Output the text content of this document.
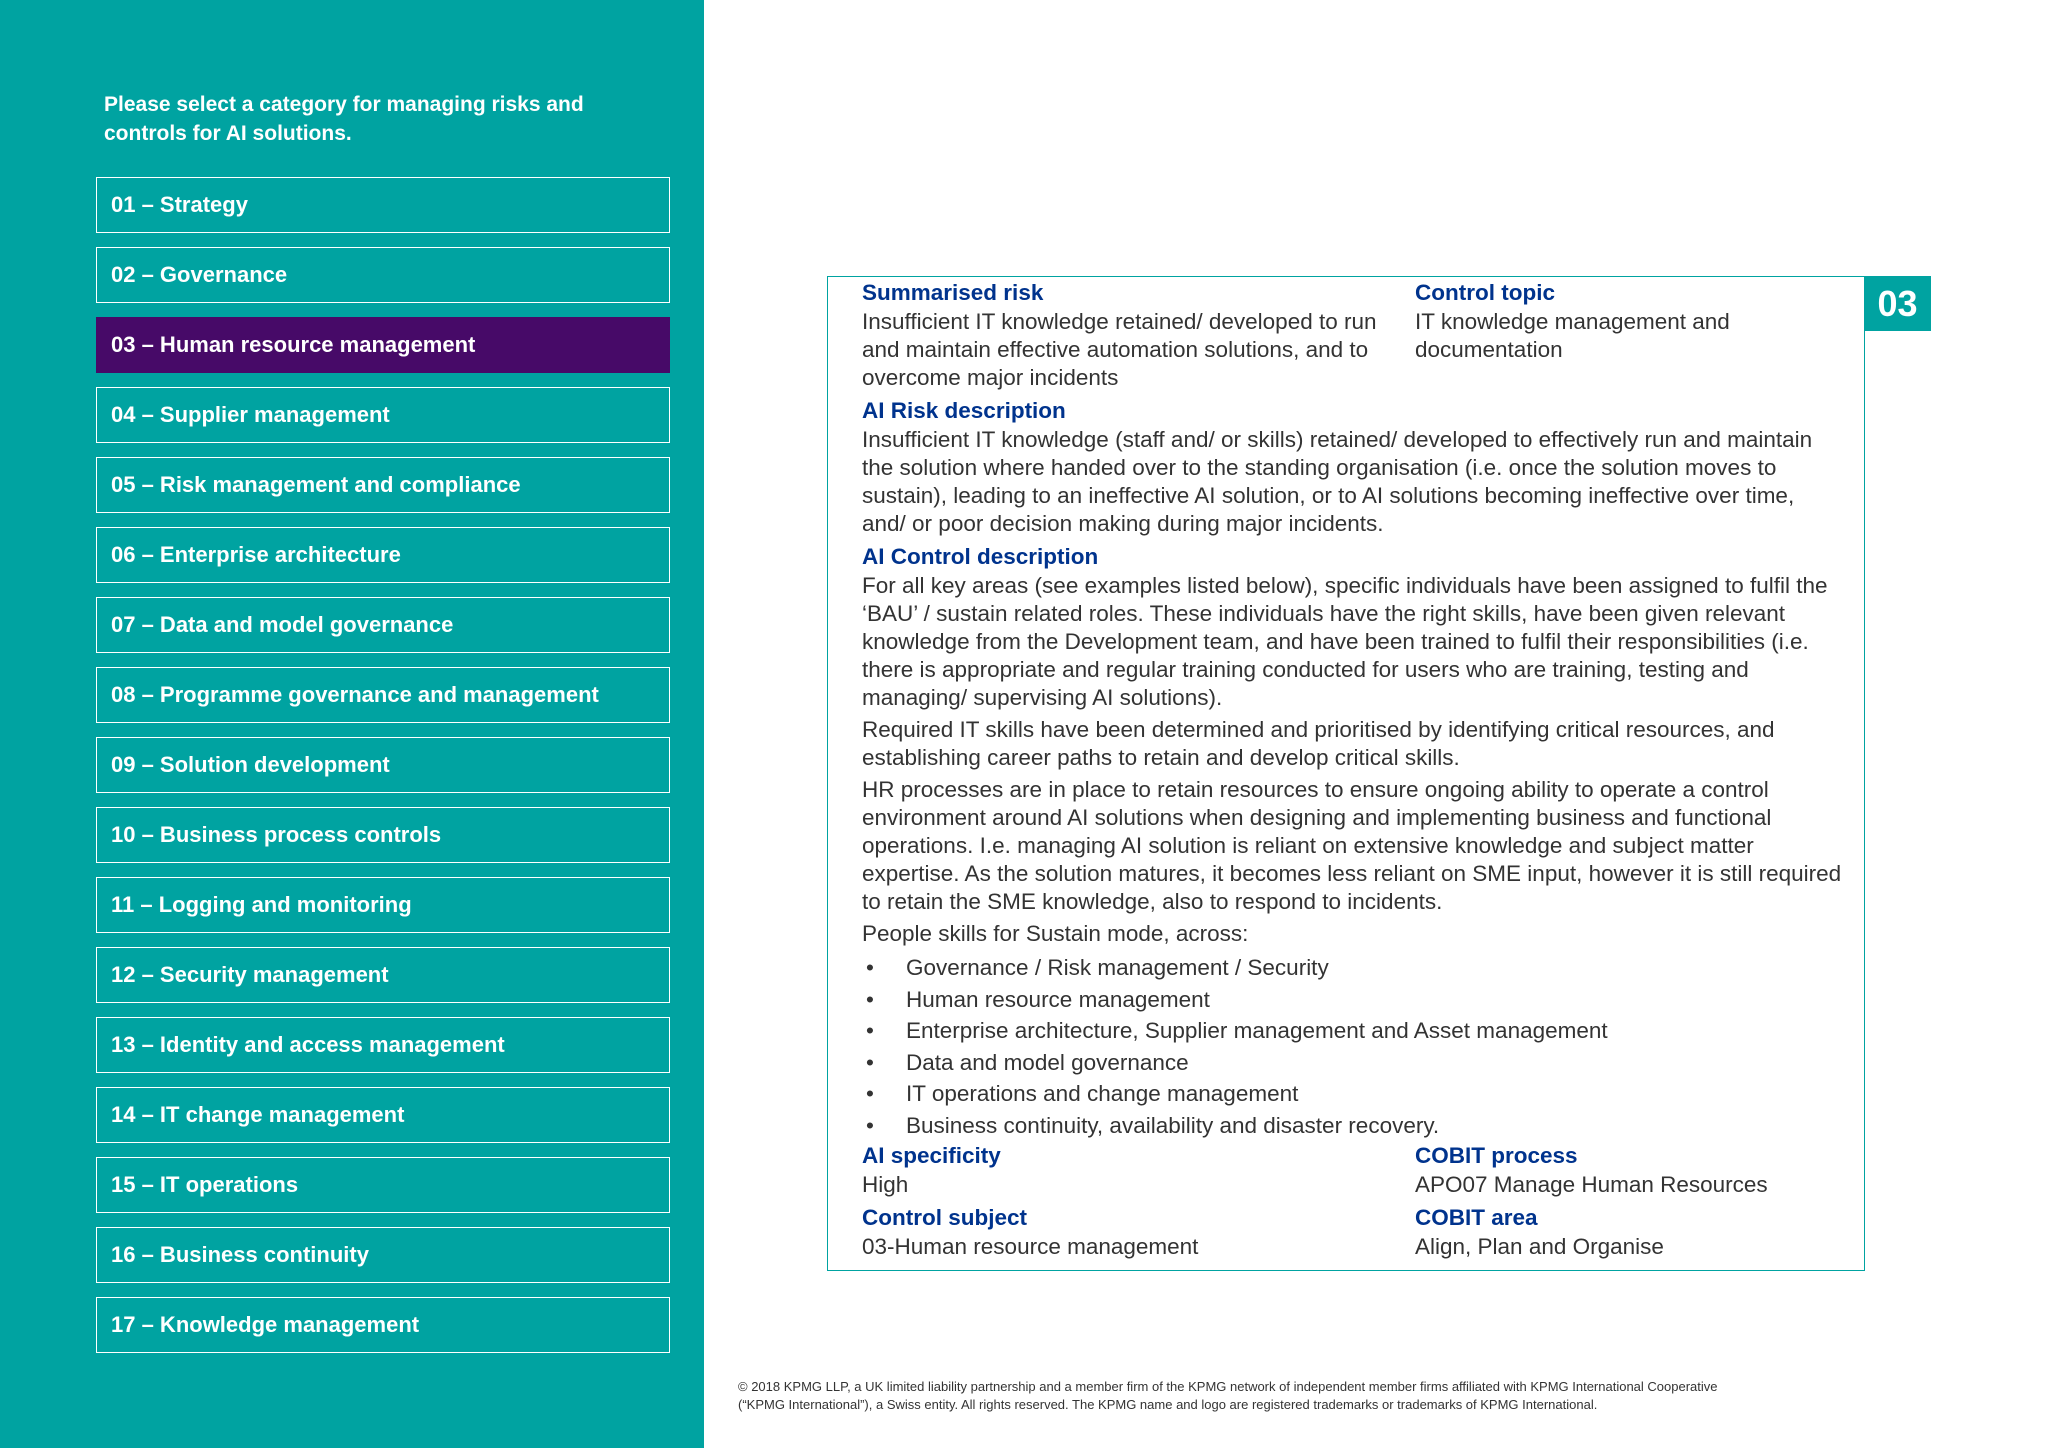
Please select a category for managing risks and controls for AI solutions.
01 – Strategy
02 – Governance
03 – Human resource management
04 – Supplier management
05 – Risk management and compliance
06 – Enterprise architecture
07 – Data and model governance
08 – Programme governance and management
09 – Solution development
10 – Business process controls
11 – Logging and monitoring
12 – Security management
13 – Identity and access management
14 – IT change management
15 – IT operations
16 – Business continuity
17 – Knowledge management
03
Summarised risk
Insufficient IT knowledge retained/ developed to run and maintain effective automation solutions, and to overcome major incidents
Control topic
IT knowledge management and documentation
AI Risk description
Insufficient IT knowledge (staff and/ or skills) retained/ developed to effectively run and maintain the solution where handed over to the standing organisation (i.e. once the solution moves to sustain), leading to an ineffective AI solution, or to AI solutions becoming ineffective over time, and/ or poor decision making during major incidents.
AI Control description
For all key areas (see examples listed below), specific individuals have been assigned to fulfil the ‘BAU’ / sustain related roles. These individuals have the right skills, have been given relevant knowledge from the Development team, and have been trained to fulfil their responsibilities (i.e. there is appropriate and regular training conducted for users who are training, testing and managing/ supervising AI solutions).
Required IT skills have been determined and prioritised by identifying critical resources, and establishing career paths to retain and develop critical skills.
HR processes are in place to retain resources to ensure ongoing ability to operate a control environment around AI solutions when designing and implementing business and functional operations. I.e. managing AI solution is reliant on extensive knowledge and subject matter expertise. As the solution matures, it becomes less reliant on SME input, however it is still required to retain the SME knowledge, also to respond to incidents.
People skills for Sustain mode, across:
• Governance / Risk management / Security
• Human resource management
• Enterprise architecture, Supplier management and Asset management
• Data and model governance
• IT operations and change management
• Business continuity, availability and disaster recovery.
AI specificity
High
COBIT process
APO07 Manage Human Resources
Control subject
03-Human resource management
COBIT area
Align, Plan and Organise
© 2018 KPMG LLP, a UK limited liability partnership and a member firm of the KPMG network of independent member firms affiliated with KPMG International Cooperative
(“KPMG International”), a Swiss entity. All rights reserved. The KPMG name and logo are registered trademarks or trademarks of KPMG International.
